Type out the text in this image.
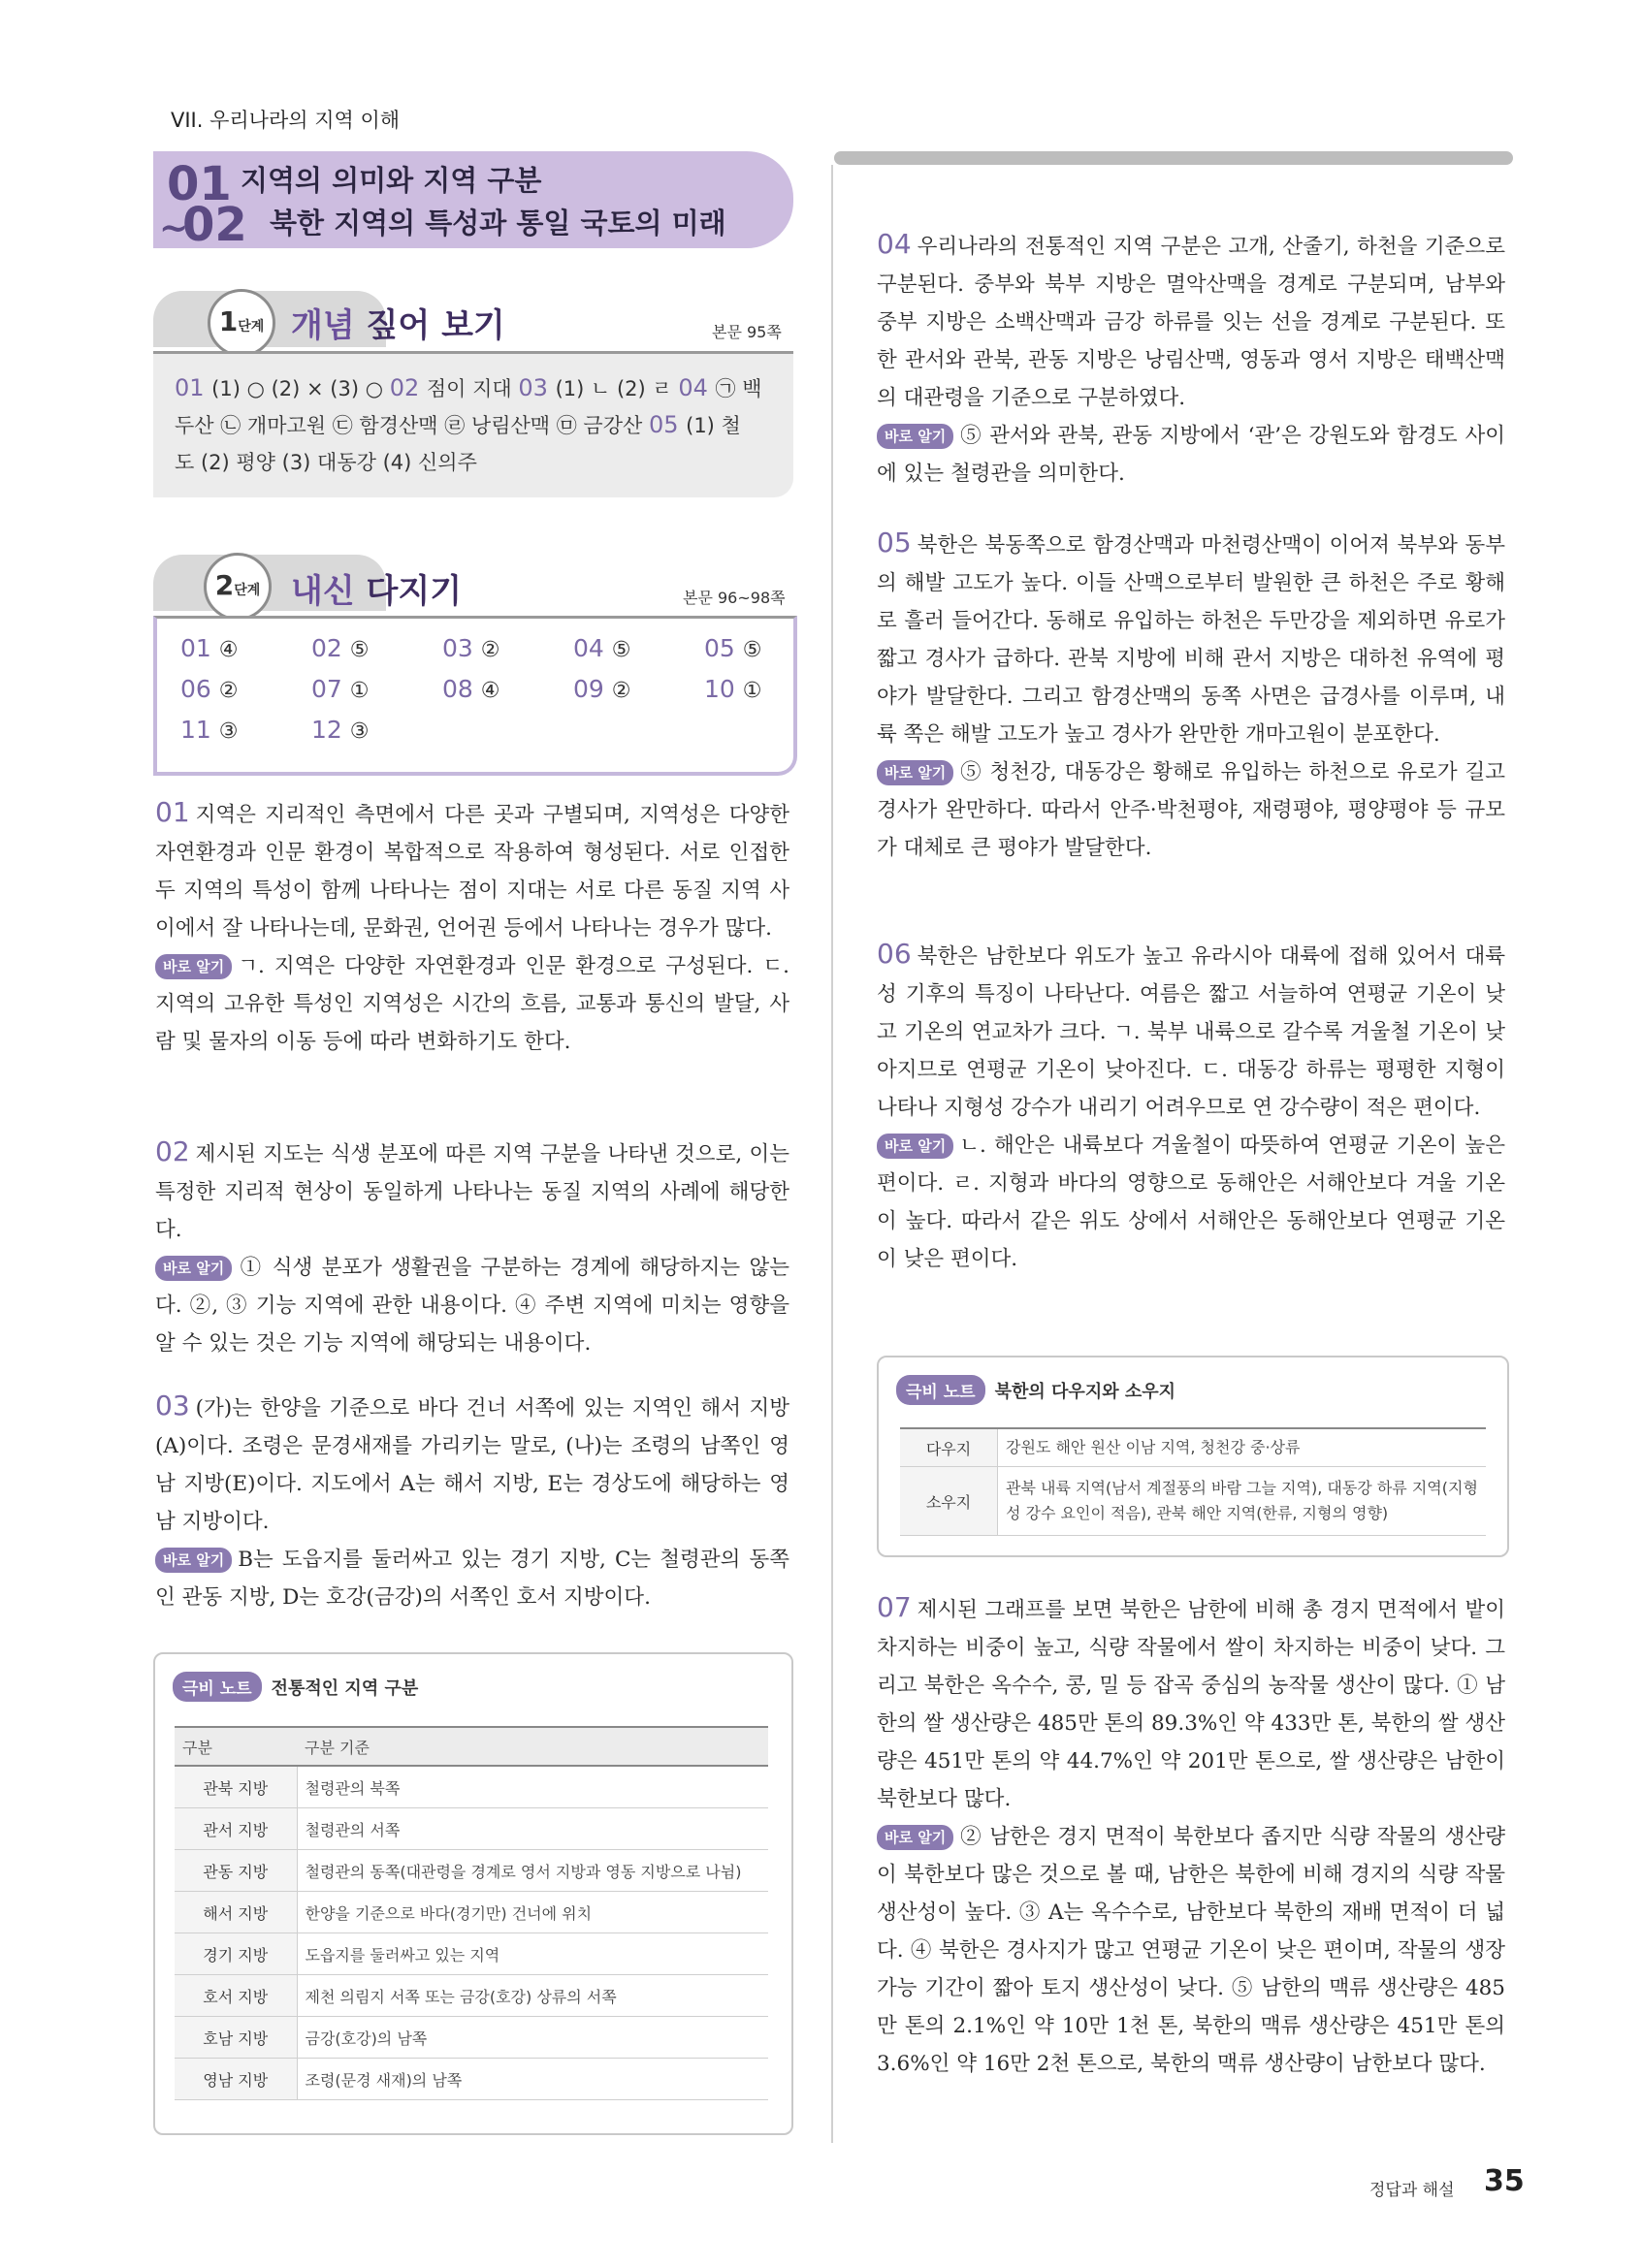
VII. 우리나라의 지역 이해
01
~
02
지역의 의미와 지역 구분
북한 지역의 특성과 통일 국토의 미래
1단계 개념 짚어 보기	본문 95쪽
01 (1) ○ (2) × (3) ○ 02 점이 지대 03 (1) ㄴ (2) ㄹ 04 ㉠ 백
두산 ㉡ 개마고원 ㉢ 함경산맥 ㉣ 낭림산맥 ㉤ 금강산 05 (1) 철
도 (2) 평양 (3) 대동강 (4) 신의주
2단계 내신 다지기	본문 96~98쪽
01 ④	02 ⑤	03 ②	04 ⑤	05 ⑤
06 ②	07 ①	08 ④	09 ②	10 ①
11 ③	12 ③
01 지역은 지리적인 측면에서 다른 곳과 구별되며, 지역성은 다양한 자연환경과 인문 환경이 복합적으로 작용하여 형성된다. 서로 인접한 두 지역의 특성이 함께 나타나는 점이 지대는 서로 다른 동질 지역 사이에서 잘 나타나는데, 문화권, 언어권 등에서 나타나는 경우가 많다.
바로 알기 ㄱ. 지역은 다양한 자연환경과 인문 환경으로 구성된다. ㄷ. 지역의 고유한 특성인 지역성은 시간의 흐름, 교통과 통신의 발달, 사람 및 물자의 이동 등에 따라 변화하기도 한다.
02 제시된 지도는 식생 분포에 따른 지역 구분을 나타낸 것으로, 이는 특정한 지리적 현상이 동일하게 나타나는 동질 지역의 사례에 해당한다.
바로 알기 ① 식생 분포가 생활권을 구분하는 경계에 해당하지는 않는다. ②, ③ 기능 지역에 관한 내용이다. ④ 주변 지역에 미치는 영향을 알 수 있는 것은 기능 지역에 해당되는 내용이다.
03 (가)는 한양을 기준으로 바다 건너 서쪽에 있는 지역인 해서 지방(A)이다. 조령은 문경새재를 가리키는 말로, (나)는 조령의 남쪽인 영남 지방(E)이다. 지도에서 A는 해서 지방, E는 경상도에 해당하는 영남 지방이다.
바로 알기 B는 도읍지를 둘러싸고 있는 경기 지방, C는 철령관의 동쪽인 관동 지방, D는 호강(금강)의 서쪽인 호서 지방이다.
극비 노트 전통적인 지역 구분
구분	구분 기준
관북 지방	철령관의 북쪽
관서 지방	철령관의 서쪽
관동 지방	철령관의 동쪽(대관령을 경계로 영서 지방과 영동 지방으로 나뉨)
해서 지방	한양을 기준으로 바다(경기만) 건너에 위치
경기 지방	도읍지를 둘러싸고 있는 지역
호서 지방	제천 의림지 서쪽 또는 금강(호강) 상류의 서쪽
호남 지방	금강(호강)의 남쪽
영남 지방	조령(문경 새재)의 남쪽
04 우리나라의 전통적인 지역 구분은 고개, 산줄기, 하천을 기준으로 구분된다. 중부와 북부 지방은 멸악산맥을 경계로 구분되며, 남부와 중부 지방은 소백산맥과 금강 하류를 잇는 선을 경계로 구분된다. 또한 관서와 관북, 관동 지방은 낭림산맥, 영동과 영서 지방은 태백산맥의 대관령을 기준으로 구분하였다.
바로 알기 ⑤ 관서와 관북, 관동 지방에서 ‘관’은 강원도와 함경도 사이에 있는 철령관을 의미한다.
05 북한은 북동쪽으로 함경산맥과 마천령산맥이 이어져 북부와 동부의 해발 고도가 높다. 이들 산맥으로부터 발원한 큰 하천은 주로 황해로 흘러 들어간다. 동해로 유입하는 하천은 두만강을 제외하면 유로가 짧고 경사가 급하다. 관북 지방에 비해 관서 지방은 대하천 유역에 평야가 발달한다. 그리고 함경산맥의 동쪽 사면은 급경사를 이루며, 내륙 쪽은 해발 고도가 높고 경사가 완만한 개마고원이 분포한다.
바로 알기 ⑤ 청천강, 대동강은 황해로 유입하는 하천으로 유로가 길고 경사가 완만하다. 따라서 안주·박천평야, 재령평야, 평양평야 등 규모가 대체로 큰 평야가 발달한다.
06 북한은 남한보다 위도가 높고 유라시아 대륙에 접해 있어서 대륙성 기후의 특징이 나타난다. 여름은 짧고 서늘하여 연평균 기온이 낮고 기온의 연교차가 크다. ㄱ. 북부 내륙으로 갈수록 겨울철 기온이 낮아지므로 연평균 기온이 낮아진다. ㄷ. 대동강 하류는 평평한 지형이 나타나 지형성 강수가 내리기 어려우므로 연 강수량이 적은 편이다.
바로 알기 ㄴ. 해안은 내륙보다 겨울철이 따뜻하여 연평균 기온이 높은 편이다. ㄹ. 지형과 바다의 영향으로 동해안은 서해안보다 겨울 기온이 높다. 따라서 같은 위도 상에서 서해안은 동해안보다 연평균 기온이 낮은 편이다.
극비 노트 북한의 다우지와 소우지
다우지	강원도 해안 원산 이남 지역, 청천강 중·상류
소우지	관북 내륙 지역(남서 계절풍의 바람 그늘 지역), 대동강 하류 지역(지형성 강수 요인이 적음), 관북 해안 지역(한류, 지형의 영향)
07 제시된 그래프를 보면 북한은 남한에 비해 총 경지 면적에서 밭이 차지하는 비중이 높고, 식량 작물에서 쌀이 차지하는 비중이 낮다. 그리고 북한은 옥수수, 콩, 밀 등 잡곡 중심의 농작물 생산이 많다. ① 남한의 쌀 생산량은 485만 톤의 89.3%인 약 433만 톤, 북한의 쌀 생산량은 451만 톤의 약 44.7%인 약 201만 톤으로, 쌀 생산량은 남한이 북한보다 많다.
바로 알기 ② 남한은 경지 면적이 북한보다 좁지만 식량 작물의 생산량이 북한보다 많은 것으로 볼 때, 남한은 북한에 비해 경지의 식량 작물 생산성이 높다. ③ A는 옥수수로, 남한보다 북한의 재배 면적이 더 넓다. ④ 북한은 경사지가 많고 연평균 기온이 낮은 편이며, 작물의 생장 가능 기간이 짧아 토지 생산성이 낮다. ⑤ 남한의 맥류 생산량은 485만 톤의 2.1%인 약 10만 1천 톤, 북한의 맥류 생산량은 451만 톤의 3.6%인 약 16만 2천 톤으로, 북한의 맥류 생산량이 남한보다 많다.
정답과 해설 35
